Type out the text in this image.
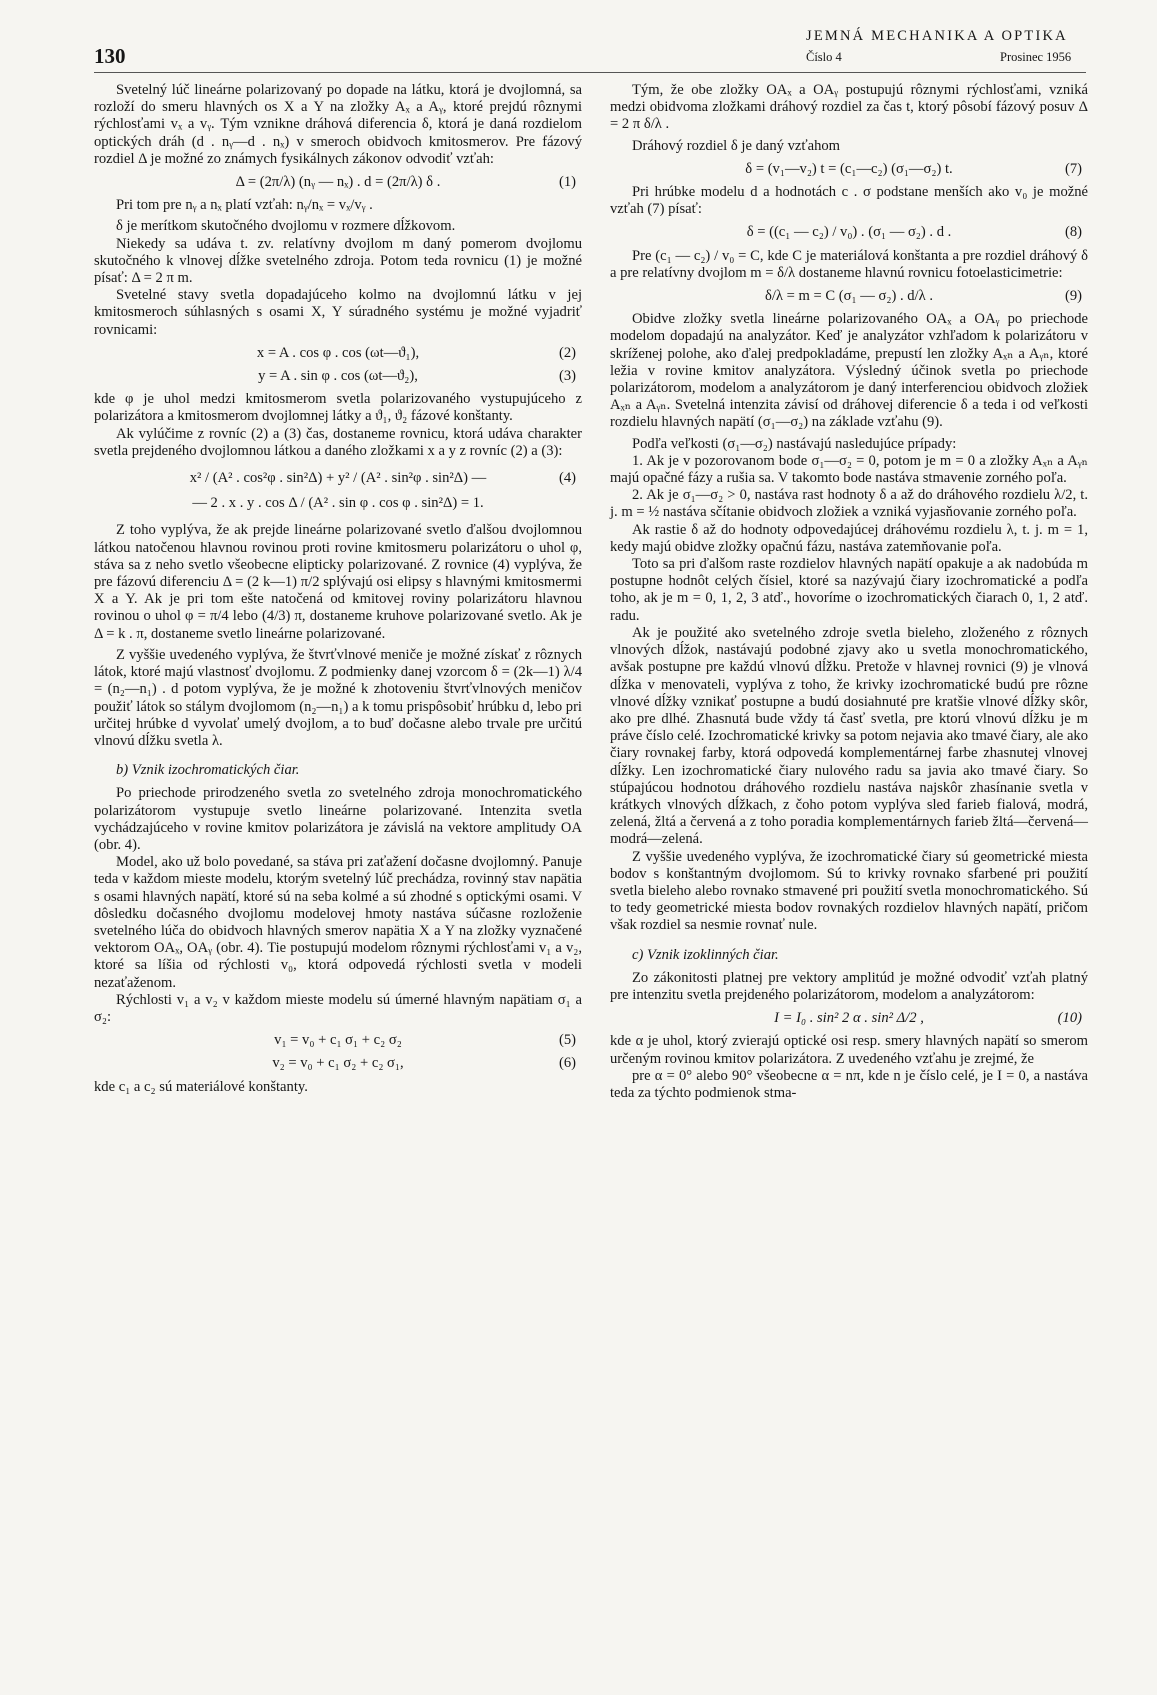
130
JEMNÁ MECHANIKA A OPTIKA
Číslo 4	Prosinec 1956

Svetelný lúč lineárne polarizovaný po dopade na látku, ktorá je dvojlomná, sa rozloží do smeru hlavných os X a Y na zložky Aₓ a Aᵧ, ktoré prejdú rôznymi rýchlosťami vₓ a vᵧ. Tým vznikne dráhová diferencia δ, ktorá je daná rozdielom optických dráh (d . nᵧ—d . nₓ) v smeroch obidvoch kmitosmerov. Pre fázový rozdiel Δ je možné zo známych fysikálnych zákonov odvodiť vzťah:

Δ = (2π/λ) (nᵧ — nₓ) . d = (2π/λ) δ .	(1)

Pri tom pre nᵧ a nₓ platí vzťah: nᵧ/nₓ = vₓ/vᵧ .

δ je merítkom skutočného dvojlomu v rozmere dĺžkovom.

Niekedy sa udáva t. zv. relatívny dvojlom m daný pomerom dvojlomu skutočného k vlnovej dĺžke svetelného zdroja. Potom teda rovnicu (1) je možné písať: Δ = 2 π m.

Svetelné stavy svetla dopadajúceho kolmo na dvojlomnú látku v jej kmitosmeroch súhlasných s osami X, Y súradného systému je možné vyjadriť rovnicami:

x = A . cos φ . cos (ωt—ϑ₁),	(2)
y = A . sin φ . cos (ωt—ϑ₂),	(3)

kde φ je uhol medzi kmitosmerom svetla polarizovaného vystupujúceho z polarizátora a kmitosmerom dvojlomnej látky a ϑ₁, ϑ₂ fázové konštanty.

Ak vylúčime z rovníc (2) a (3) čas, dostaneme rovnicu, ktorá udáva charakter svetla prejdeného dvojlomnou látkou a daného zložkami x a y z rovníc (2) a (3):

x² / (A² . cos²φ . sin²Δ) + y² / (A² . sin²φ . sin²Δ) —
— 2 . x . y . cos Δ / (A² . sin φ . cos φ . sin²Δ) = 1.
(4)

Z toho vyplýva, že ak prejde lineárne polarizované svetlo ďalšou dvojlomnou látkou natočenou hlavnou rovinou proti rovine kmitosmeru polarizátoru o uhol φ, stáva sa z neho svetlo všeobecne elipticky polarizované. Z rovnice (4) vyplýva, že pre fázovú diferenciu Δ = (2 k—1) π/2 splývajú osi elipsy s hlavnými kmitosmermi X a Y. Ak je pri tom ešte natočená od kmitovej roviny polarizátoru hlavnou rovinou o uhol φ = π/4 lebo (4/3) π, dostaneme kruhove polarizované svetlo. Ak je Δ = k . π, dostaneme svetlo lineárne polarizované.

Z vyššie uvedeného vyplýva, že štvrťvlnové meniče je možné získať z rôznych látok, ktoré majú vlastnosť dvojlomu. Z podmienky danej vzorcom δ = (2k—1) λ/4 = (n₂—n₁) . d potom vyplýva, že je možné k zhotoveniu štvrťvlnových meničov použiť látok so stálym dvojlomom (n₂—n₁) a k tomu prispôsobiť hrúbku d, lebo pri určitej hrúbke d vyvolať umelý dvojlom, a to buď dočasne alebo trvale pre určitú vlnovú dĺžku svetla λ.

b) Vznik izochromatických čiar.

Po priechode prirodzeného svetla zo svetelného zdroja monochromatického polarizátorom vystupuje svetlo lineárne polarizované. Intenzita svetla vychádzajúceho v rovine kmitov polarizátora je závislá na vektore amplitudy OA (obr. 4).

Model, ako už bolo povedané, sa stáva pri zaťažení dočasne dvojlomný. Panuje teda v každom mieste modelu, ktorým svetelný lúč prechádza, rovinný stav napätia s osami hlavných napätí, ktoré sú na seba kolmé a sú zhodné s optickými osami. V dôsledku dočasného dvojlomu modelovej hmoty nastáva súčasne rozloženie svetelného lúča do obidvoch hlavných smerov napätia X a Y na zložky vyznačené vektorom OAₓ, OAᵧ (obr. 4). Tie postupujú modelom rôznymi rýchlosťami v₁ a v₂, ktoré sa líšia od rýchlosti v₀, ktorá odpovedá rýchlosti svetla v modeli nezaťaženom.

Rýchlosti v₁ a v₂ v každom mieste modelu sú úmerné hlavným napätiam σ₁ a σ₂:

v₁ = v₀ + c₁ σ₁ + c₂ σ₂	(5)
v₂ = v₀ + c₁ σ₂ + c₂ σ₁,	(6)

kde c₁ a c₂ sú materiálové konštanty.

Tým, že obe zložky OAₓ a OAᵧ postupujú rôznymi rýchlosťami, vzniká medzi obidvoma zložkami dráhový rozdiel za čas t, ktorý pôsobí fázový posuv Δ = 2 π δ/λ .

Dráhový rozdiel δ je daný vzťahom

δ = (v₁—v₂) t = (c₁—c₂) (σ₁—σ₂) t.	(7)

Pri hrúbke modelu d a hodnotách c . σ podstane menších ako v₀ je možné vzťah (7) písať:

δ = ((c₁ — c₂) / v₀) . (σ₁ — σ₂) . d .	(8)

Pre (c₁ — c₂) / v₀ = C, kde C je materiálová konštanta a pre rozdiel dráhový δ a pre relatívny dvojlom m = δ/λ dostaneme hlavnú rovnicu fotoelasticimetrie:

δ/λ = m = C (σ₁ — σ₂) . d/λ .	(9)

Obidve zložky svetla lineárne polarizovaného OAₓ a OAᵧ po priechode modelom dopadajú na analyzátor. Keď je analyzátor vzhľadom k polarizátoru v skríženej polohe, ako ďalej predpokladáme, prepustí len zložky Aₓₙ a Aᵧₙ, ktoré ležia v rovine kmitov analyzátora. Výsledný účinok svetla po priechode polarizátorom, modelom a analyzátorom je daný interferenciou obidvoch zložiek Aₓₙ a Aᵧₙ. Svetelná intenzita závisí od dráhovej diferencie δ a teda i od veľkosti rozdielu hlavných napätí (σ₁—σ₂) na základe vzťahu (9).

Podľa veľkosti (σ₁—σ₂) nastávajú nasledujúce prípady:

1. Ak je v pozorovanom bode σ₁—σ₂ = 0, potom je m = 0 a zložky Aₓₙ a Aᵧₙ majú opačné fázy a rušia sa. V takomto bode nastáva stmavenie zorného poľa.

2. Ak je σ₁—σ₂ > 0, nastáva rast hodnoty δ a až do dráhového rozdielu λ/2, t. j. m = ½ nastáva sčítanie obidvoch zložiek a vzniká vyjasňovanie zorného poľa.

Ak rastie δ až do hodnoty odpovedajúcej dráhovému rozdielu λ, t. j. m = 1, kedy majú obidve zložky opačnú fázu, nastáva zatemňovanie poľa.

Toto sa pri ďalšom raste rozdielov hlavných napätí opakuje a ak nadobúda m postupne hodnôt celých čísiel, ktoré sa nazývajú čiary izochromatické a podľa toho, ak je m = 0, 1, 2, 3 atď., hovoríme o izochromatických čiarach 0, 1, 2 atď. radu.

Ak je použité ako svetelného zdroje svetla bieleho, zloženého z rôznych vlnových dĺžok, nastávajú podobné zjavy ako u svetla monochromatického, avšak postupne pre každú vlnovú dĺžku. Pretože v hlavnej rovnici (9) je vlnová dĺžka v menovateli, vyplýva z toho, že krivky izochromatické budú pre rôzne vlnové dĺžky vznikať postupne a budú dosiahnuté pre kratšie vlnové dĺžky skôr, ako pre dlhé. Zhasnutá bude vždy tá časť svetla, pre ktorú vlnovú dĺžku je m práve číslo celé. Izochromatické krivky sa potom nejavia ako tmavé čiary, ale ako čiary rovnakej farby, ktorá odpovedá komplementárnej farbe zhasnutej vlnovej dĺžky. Len izochromatické čiary nulového radu sa javia ako tmavé čiary. So stúpajúcou hodnotou dráhového rozdielu nastáva najskôr zhasínanie svetla v krátkych vlnových dĺžkach, z čoho potom vyplýva sled farieb fialová, modrá, zelená, žltá a červená a z toho poradia komplementárnych farieb žltá—červená—modrá—zelená.

Z vyššie uvedeného vyplýva, že izochromatické čiary sú geometrické miesta bodov s konštantným dvojlomom. Sú to krivky rovnako sfarbené pri použití svetla bieleho alebo rovnako stmavené pri použití svetla monochromatického. Sú to tedy geometrické miesta bodov rovnakých rozdielov hlavných napätí, pričom však rozdiel sa nesmie rovnať nule.

c) Vznik izoklinných čiar.

Zo zákonitosti platnej pre vektory amplitúd je možné odvodiť vzťah platný pre intenzitu svetla prejdeného polarizátorom, modelom a analyzátorom:

I = I₀ . sin² 2 α . sin² Δ/2 ,	(10)

kde α je uhol, ktorý zvierajú optické osi resp. smery hlavných napätí so smerom určeným rovinou kmitov polarizátora. Z uvedeného vzťahu je zrejmé, že

pre α = 0° alebo 90° všeobecne α = nπ, kde n je číslo celé, je I = 0, a nastáva teda za týchto podmienok stma-
